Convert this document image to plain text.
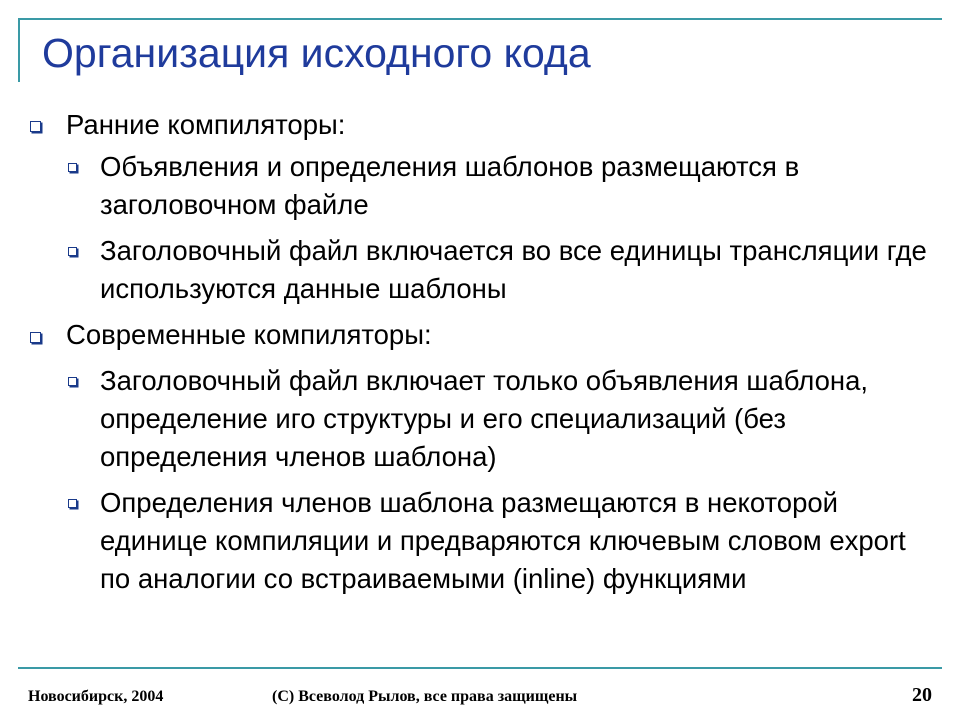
Организация исходного кода
Ранние компиляторы:
Объявления и определения шаблонов размещаются в заголовочном файле
Заголовочный файл включается во все единицы трансляции где используются данные шаблоны
Современные компиляторы:
Заголовочный файл включает только объявления шаблона, определение иго структуры и его специализаций (без определения членов шаблона)
Определения членов шаблона размещаются в некоторой единице компиляции и предваряются ключевым словом export по аналогии со встраиваемыми (inline) функциями
Новосибирск, 2004	(C) Всеволод Рылов, все права защищены	20
